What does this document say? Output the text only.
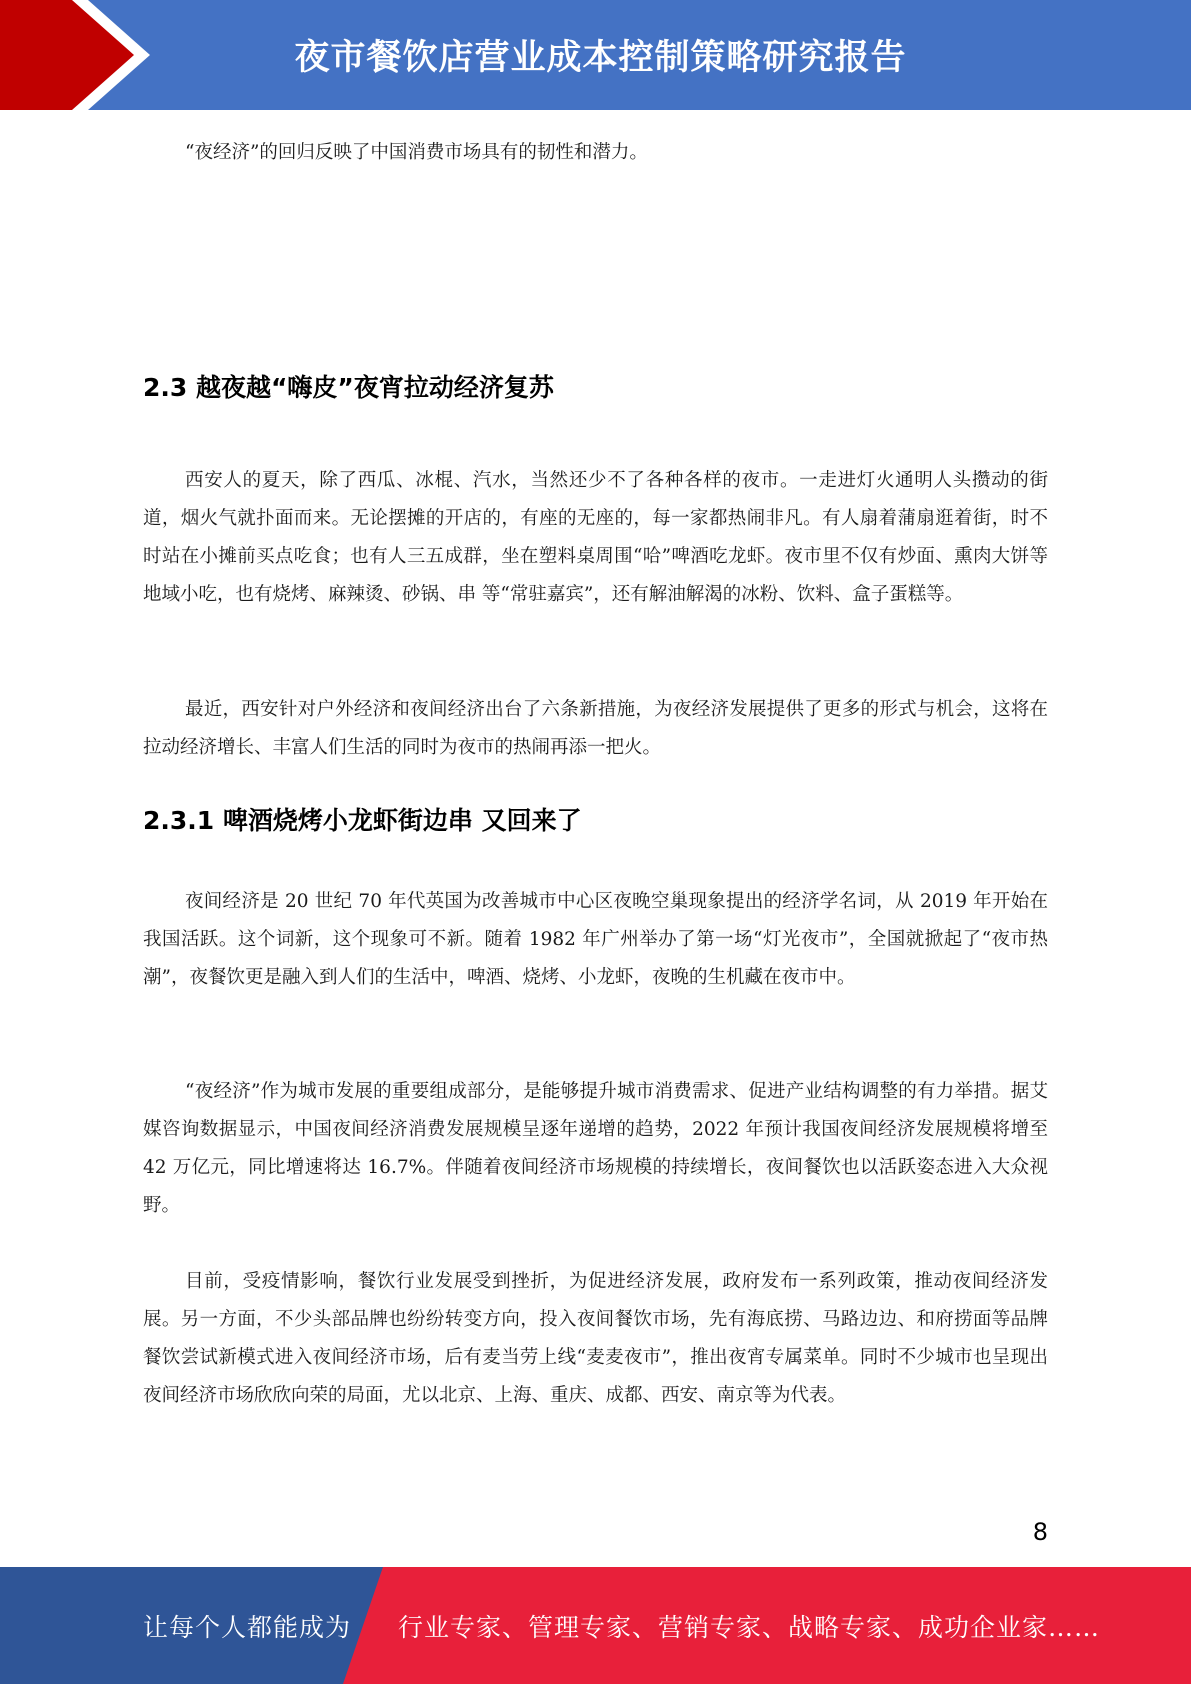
夜市餐饮店营业成本控制策略研究报告

“夜经济”的回归反映了中国消费市场具有的韧性和潜力。

2.3 越夜越“嗨皮”夜宵拉动经济复苏

西安人的夏天，除了西瓜、冰棍、汽水，当然还少不了各种各样的夜市。一走进灯火通明人头攒动的街道，烟火气就扑面而来。无论摆摊的开店的，有座的无座的，每一家都热闹非凡。有人扇着蒲扇逛着街，时不时站在小摊前买点吃食；也有人三五成群，坐在塑料桌周围“哈”啤酒吃龙虾。夜市里不仅有炒面、熏肉大饼等地域小吃，也有烧烤、麻辣烫、砂锅、串 等“常驻嘉宾”，还有解油解渴的冰粉、饮料、盒子蛋糕等。

最近，西安针对户外经济和夜间经济出台了六条新措施，为夜经济发展提供了更多的形式与机会，这将在拉动经济增长、丰富人们生活的同时为夜市的热闹再添一把火。

2.3.1 啤酒烧烤小龙虾街边串 又回来了

夜间经济是 20 世纪 70 年代英国为改善城市中心区夜晚空巢现象提出的经济学名词，从 2019 年开始在我国活跃。这个词新，这个现象可不新。随着 1982 年广州举办了第一场“灯光夜市”，全国就掀起了“夜市热潮”，夜餐饮更是融入到人们的生活中，啤酒、烧烤、小龙虾，夜晚的生机藏在夜市中。

“夜经济”作为城市发展的重要组成部分，是能够提升城市消费需求、促进产业结构调整的有力举措。据艾媒咨询数据显示，中国夜间经济消费发展规模呈逐年递增的趋势，2022 年预计我国夜间经济发展规模将增至 42 万亿元，同比增速将达 16.7%。伴随着夜间经济市场规模的持续增长，夜间餐饮也以活跃姿态进入大众视野。

目前，受疫情影响，餐饮行业发展受到挫折，为促进经济发展，政府发布一系列政策，推动夜间经济发展。另一方面，不少头部品牌也纷纷转变方向，投入夜间餐饮市场，先有海底捞、马路边边、和府捞面等品牌餐饮尝试新模式进入夜间经济市场，后有麦当劳上线“麦麦夜市”，推出夜宵专属菜单。同时不少城市也呈现出夜间经济市场欣欣向荣的局面，尤以北京、上海、重庆、成都、西安、南京等为代表。

8
让每个人都能成为 行业专家、管理专家、营销专家、战略专家、成功企业家……
